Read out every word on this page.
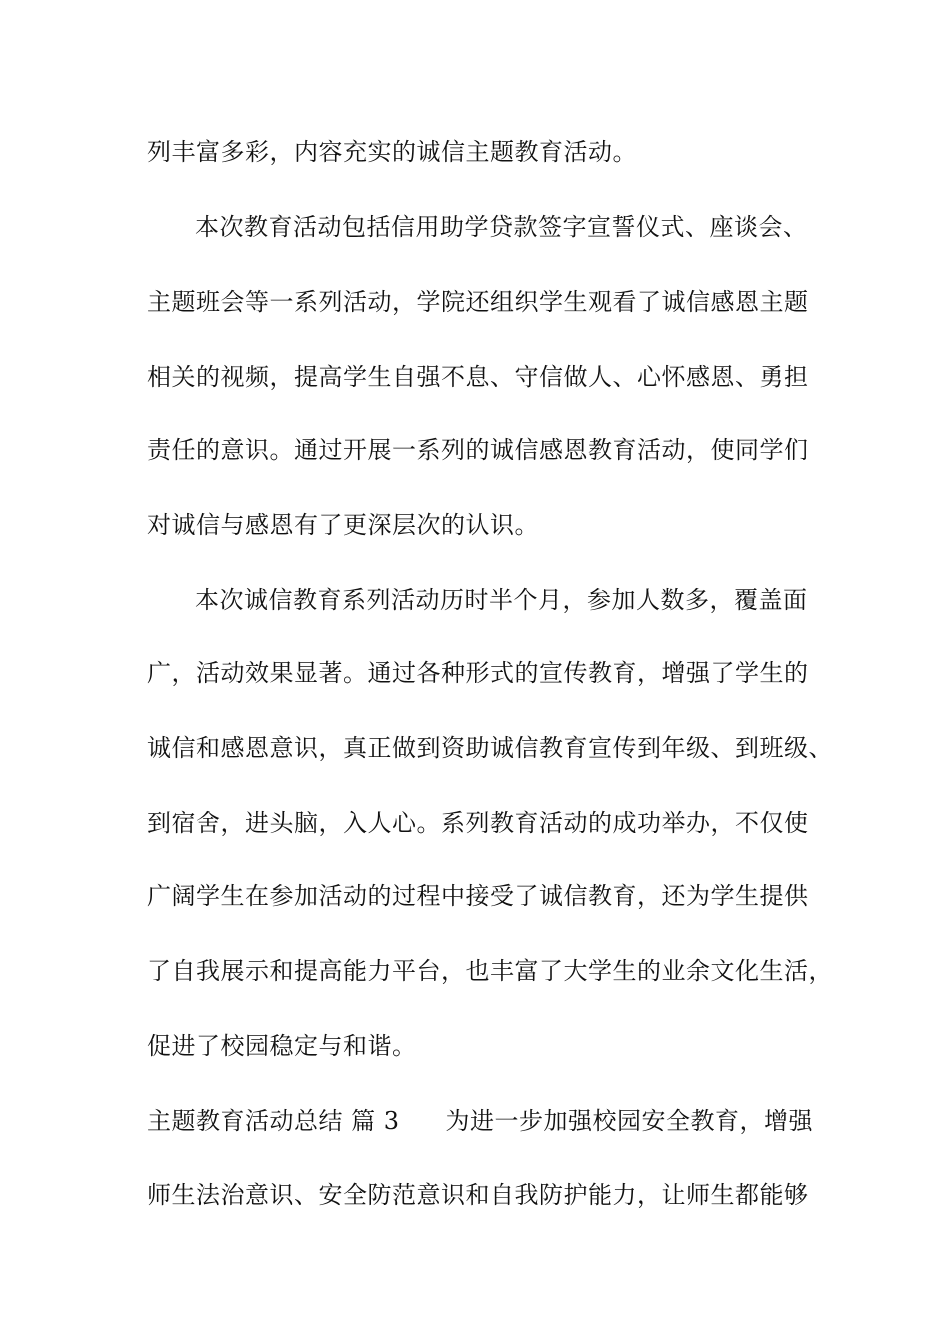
列丰富多彩，内容充实的诚信主题教育活动。
本次教育活动包括信用助学贷款签字宣誓仪式、座谈会、
主题班会等一系列活动，学院还组织学生观看了诚信感恩主题
相关的视频，提高学生自强不息、守信做人、心怀感恩、勇担
责任的意识。通过开展一系列的诚信感恩教育活动，使同学们
对诚信与感恩有了更深层次的认识。
本次诚信教育系列活动历时半个月，参加人数多，覆盖面
广，活动效果显著。通过各种形式的宣传教育，增强了学生的
诚信和感恩意识，真正做到资助诚信教育宣传到年级、到班级、
到宿舍，进头脑，入人心。系列教育活动的成功举办，不仅使
广阔学生在参加活动的过程中接受了诚信教育，还为学生提供
了自我展示和提高能力平台，也丰富了大学生的业余文化生活，
促进了校园稳定与和谐。
主题教育活动总结 篇 3 为进一步加强校园安全教育，增强
师生法治意识、安全防范意识和自我防护能力，让师生都能够
